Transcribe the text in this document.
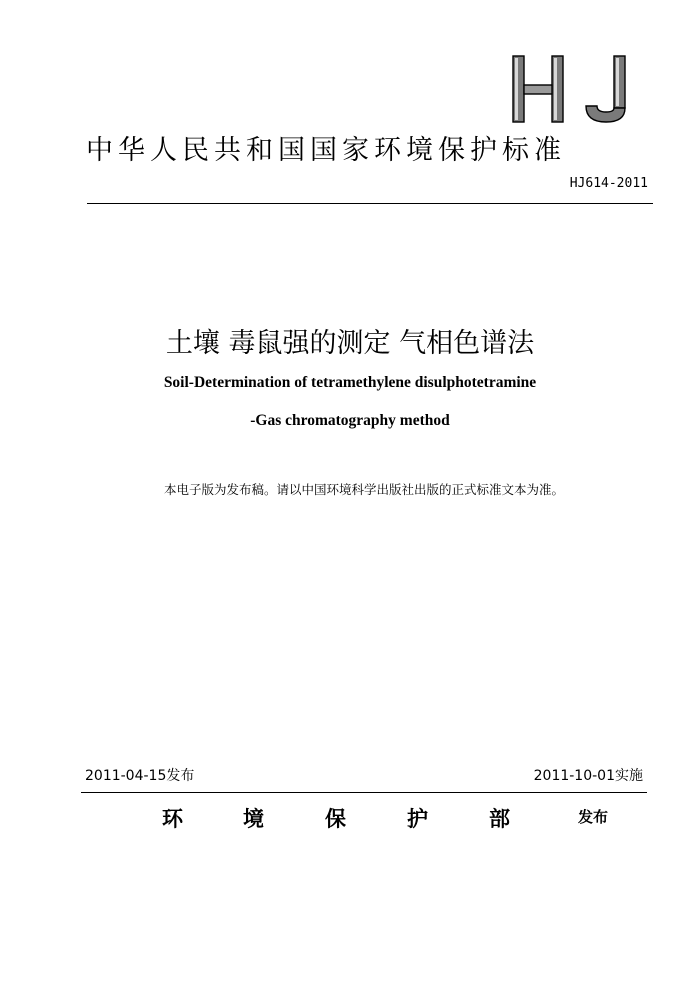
中华人民共和国国家环境保护标准
HJ614-2011
土壤 毒鼠强的测定 气相色谱法
Soil-Determination of tetramethylene disulphotetramine
-Gas chromatography method
本电子版为发布稿。请以中国环境科学出版社出版的正式标准文本为准。
2011-04-15发布	2011-10-01实施
环	境	保	护	部	发布
